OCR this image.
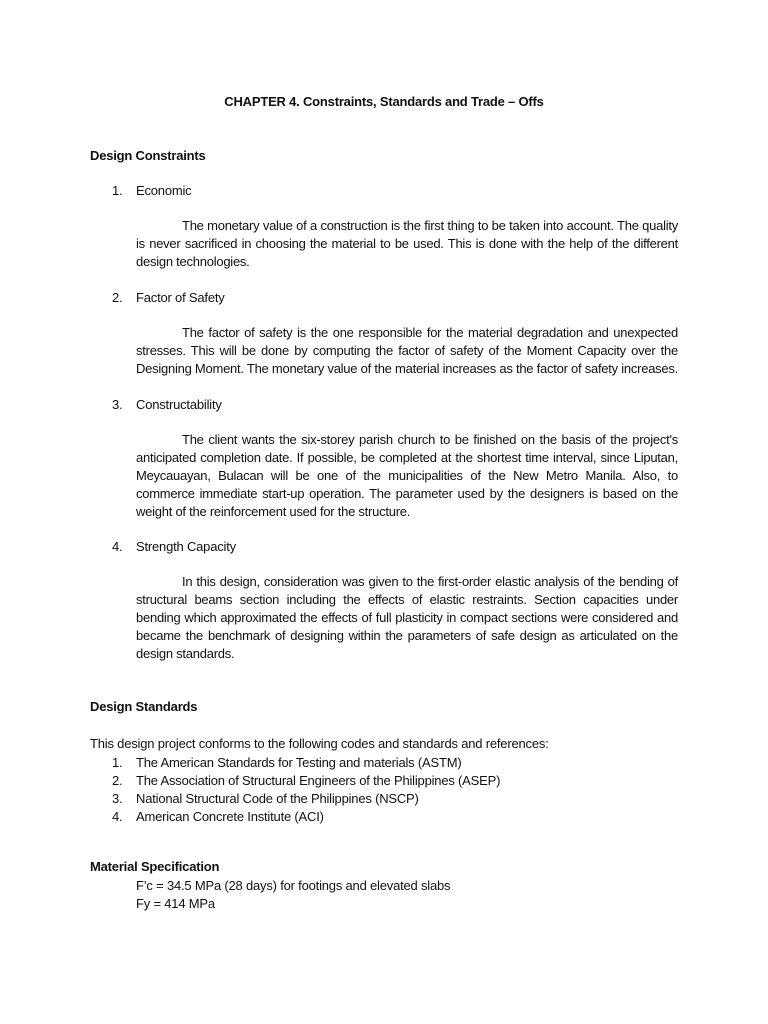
CHAPTER 4. Constraints, Standards and Trade – Offs
Design Constraints
1. Economic

The monetary value of a construction is the first thing to be taken into account. The quality is never sacrificed in choosing the material to be used. This is done with the help of the different design technologies.

2. Factor of Safety

The factor of safety is the one responsible for the material degradation and unexpected stresses. This will be done by computing the factor of safety of the Moment Capacity over the Designing Moment. The monetary value of the material increases as the factor of safety increases.

3. Constructability

The client wants the six-storey parish church to be finished on the basis of the project's anticipated completion date. If possible, be completed at the shortest time interval, since Liputan, Meycauayan, Bulacan will be one of the municipalities of the New Metro Manila. Also, to commerce immediate start-up operation. The parameter used by the designers is based on the weight of the reinforcement used for the structure.

4. Strength Capacity

In this design, consideration was given to the first-order elastic analysis of the bending of structural beams section including the effects of elastic restraints. Section capacities under bending which approximated the effects of full plasticity in compact sections were considered and became the benchmark of designing within the parameters of safe design as articulated on the design standards.

Design Standards
This design project conforms to the following codes and standards and references:
1. The American Standards for Testing and materials (ASTM)
2. The Association of Structural Engineers of the Philippines (ASEP)
3. National Structural Code of the Philippines (NSCP)
4. American Concrete Institute (ACI)
Material Specification
F’c = 34.5 MPa (28 days) for footings and elevated slabs
Fy = 414 MPa
